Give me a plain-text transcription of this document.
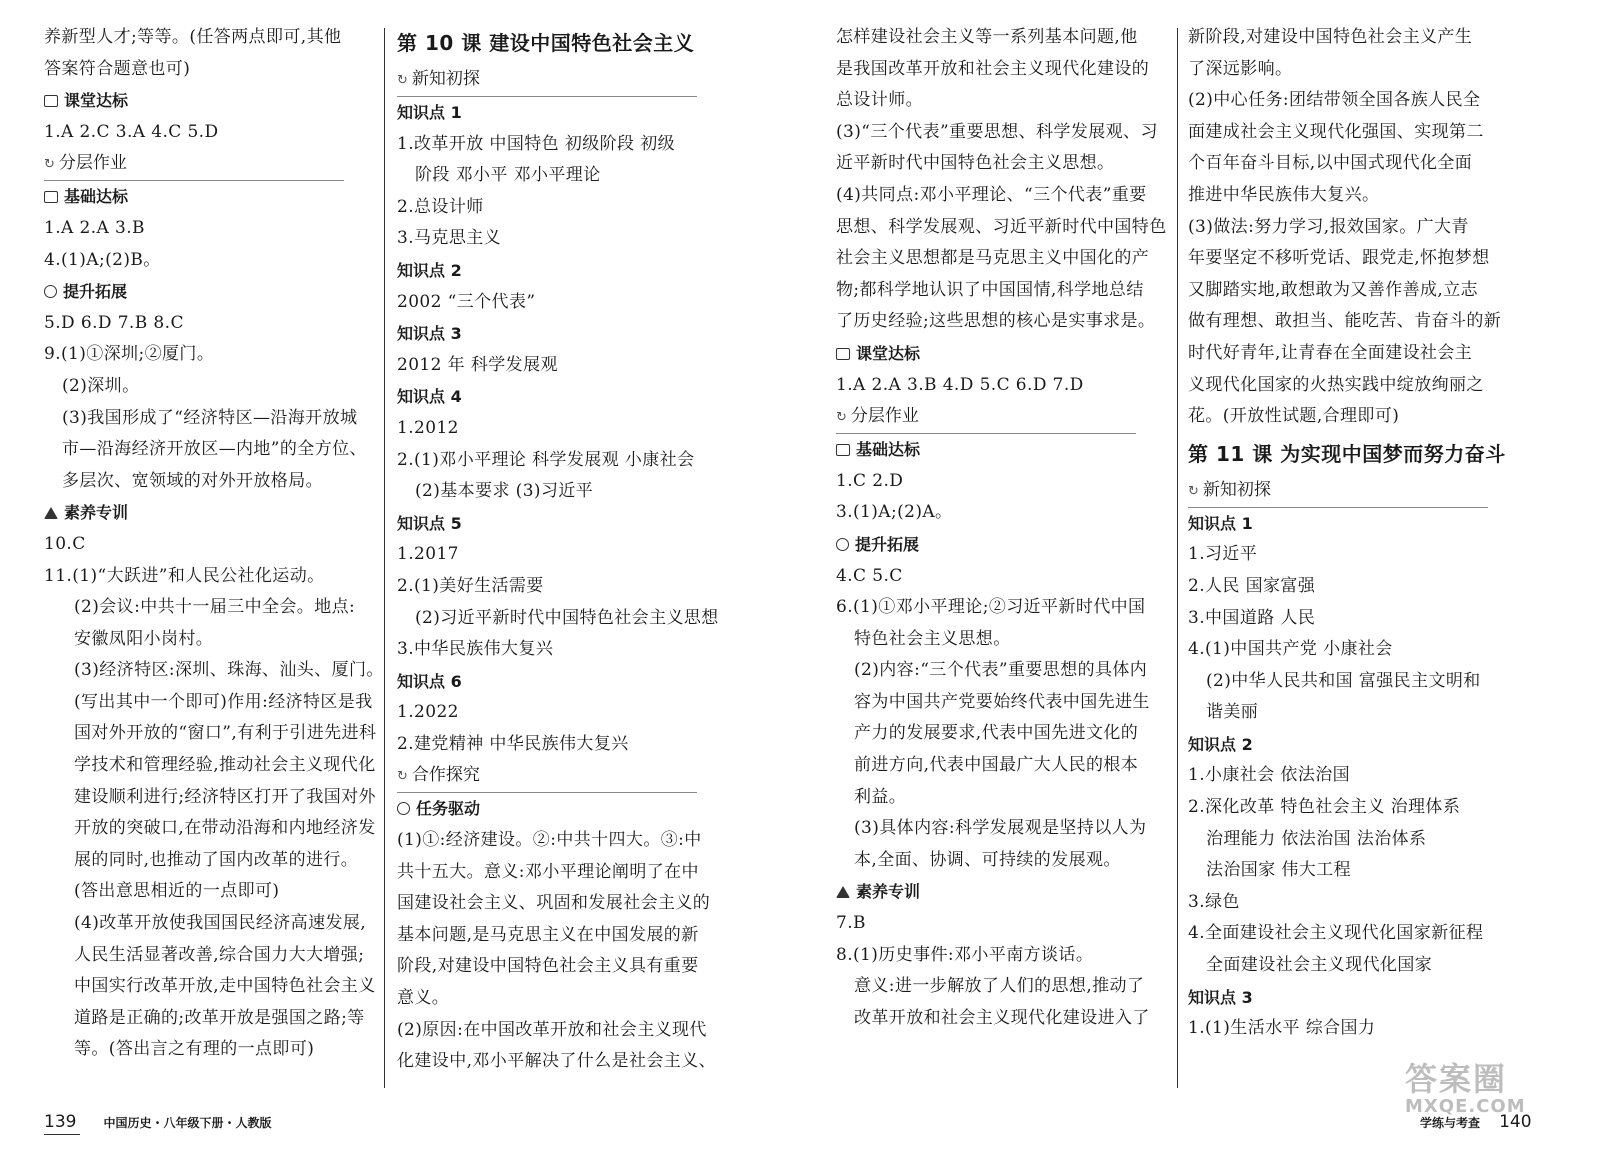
养新型人才;等等。(任答两点即可,其他
答案符合题意也可)
课堂达标
1.A 2.C 3.A 4.C 5.D
↻ 分层作业
基础达标
1.A 2.A 3.B
4.(1)A;(2)B。
提升拓展
5.D 6.D 7.B 8.C
9.(1)①深圳;②厦门。
(2)深圳。
(3)我国形成了“经济特区—沿海开放城
市—沿海经济开放区—内地”的全方位、
多层次、宽领域的对外开放格局。
素养专训
10.C
11.(1)“大跃进”和人民公社化运动。
(2)会议:中共十一届三中全会。地点:
安徽凤阳小岗村。
(3)经济特区:深圳、珠海、汕头、厦门。
(写出其中一个即可)作用:经济特区是我
国对外开放的“窗口”,有利于引进先进科
学技术和管理经验,推动社会主义现代化
建设顺利进行;经济特区打开了我国对外
开放的突破口,在带动沿海和内地经济发
展的同时,也推动了国内改革的进行。
(答出意思相近的一点即可)
(4)改革开放使我国国民经济高速发展,
人民生活显著改善,综合国力大大增强;
中国实行改革开放,走中国特色社会主义
道路是正确的;改革开放是强国之路;等
等。(答出言之有理的一点即可)
第 10 课 建设中国特色社会主义
↻ 新知初探
知识点 1
1.改革开放 中国特色 初级阶段 初级
阶段 邓小平 邓小平理论
2.总设计师
3.马克思主义
知识点 2
2002 “三个代表”
知识点 3
2012 年 科学发展观
知识点 4
1.2012
2.(1)邓小平理论 科学发展观 小康社会
(2)基本要求 (3)习近平
知识点 5
1.2017
2.(1)美好生活需要
(2)习近平新时代中国特色社会主义思想
3.中华民族伟大复兴
知识点 6
1.2022
2.建党精神 中华民族伟大复兴
↻ 合作探究
任务驱动
(1)①:经济建设。②:中共十四大。③:中
共十五大。意义:邓小平理论阐明了在中
国建设社会主义、巩固和发展社会主义的
基本问题,是马克思主义在中国发展的新
阶段,对建设中国特色社会主义具有重要
意义。
(2)原因:在中国改革开放和社会主义现代
化建设中,邓小平解决了什么是社会主义、
怎样建设社会主义等一系列基本问题,他
是我国改革开放和社会主义现代化建设的
总设计师。
(3)“三个代表”重要思想、科学发展观、习
近平新时代中国特色社会主义思想。
(4)共同点:邓小平理论、“三个代表”重要
思想、科学发展观、习近平新时代中国特色
社会主义思想都是马克思主义中国化的产
物;都科学地认识了中国国情,科学地总结
了历史经验;这些思想的核心是实事求是。
课堂达标
1.A 2.A 3.B 4.D 5.C 6.D 7.D
↻ 分层作业
基础达标
1.C 2.D
3.(1)A;(2)A。
提升拓展
4.C 5.C
6.(1)①邓小平理论;②习近平新时代中国
特色社会主义思想。
(2)内容:“三个代表”重要思想的具体内
容为中国共产党要始终代表中国先进生
产力的发展要求,代表中国先进文化的
前进方向,代表中国最广大人民的根本
利益。
(3)具体内容:科学发展观是坚持以人为
本,全面、协调、可持续的发展观。
素养专训
7.B
8.(1)历史事件:邓小平南方谈话。
意义:进一步解放了人们的思想,推动了
改革开放和社会主义现代化建设进入了
新阶段,对建设中国特色社会主义产生
了深远影响。
(2)中心任务:团结带领全国各族人民全
面建成社会主义现代化强国、实现第二
个百年奋斗目标,以中国式现代化全面
推进中华民族伟大复兴。
(3)做法:努力学习,报效国家。广大青
年要坚定不移听党话、跟党走,怀抱梦想
又脚踏实地,敢想敢为又善作善成,立志
做有理想、敢担当、能吃苦、肯奋斗的新
时代好青年,让青春在全面建设社会主
义现代化国家的火热实践中绽放绚丽之
花。(开放性试题,合理即可)
第 11 课 为实现中国梦而努力奋斗
↻ 新知初探
知识点 1
1.习近平
2.人民 国家富强
3.中国道路 人民
4.(1)中国共产党 小康社会
(2)中华人民共和国 富强民主文明和
谐美丽
知识点 2
1.小康社会 依法治国
2.深化改革 特色社会主义 治理体系
治理能力 依法治国 法治体系
法治国家 伟大工程
3.绿色
4.全面建设社会主义现代化国家新征程
全面建设社会主义现代化国家
知识点 3
1.(1)生活水平 综合国力
139 中国历史・八年级下册・人教版	学练与考查 140
答案圈
MXQE.COM
